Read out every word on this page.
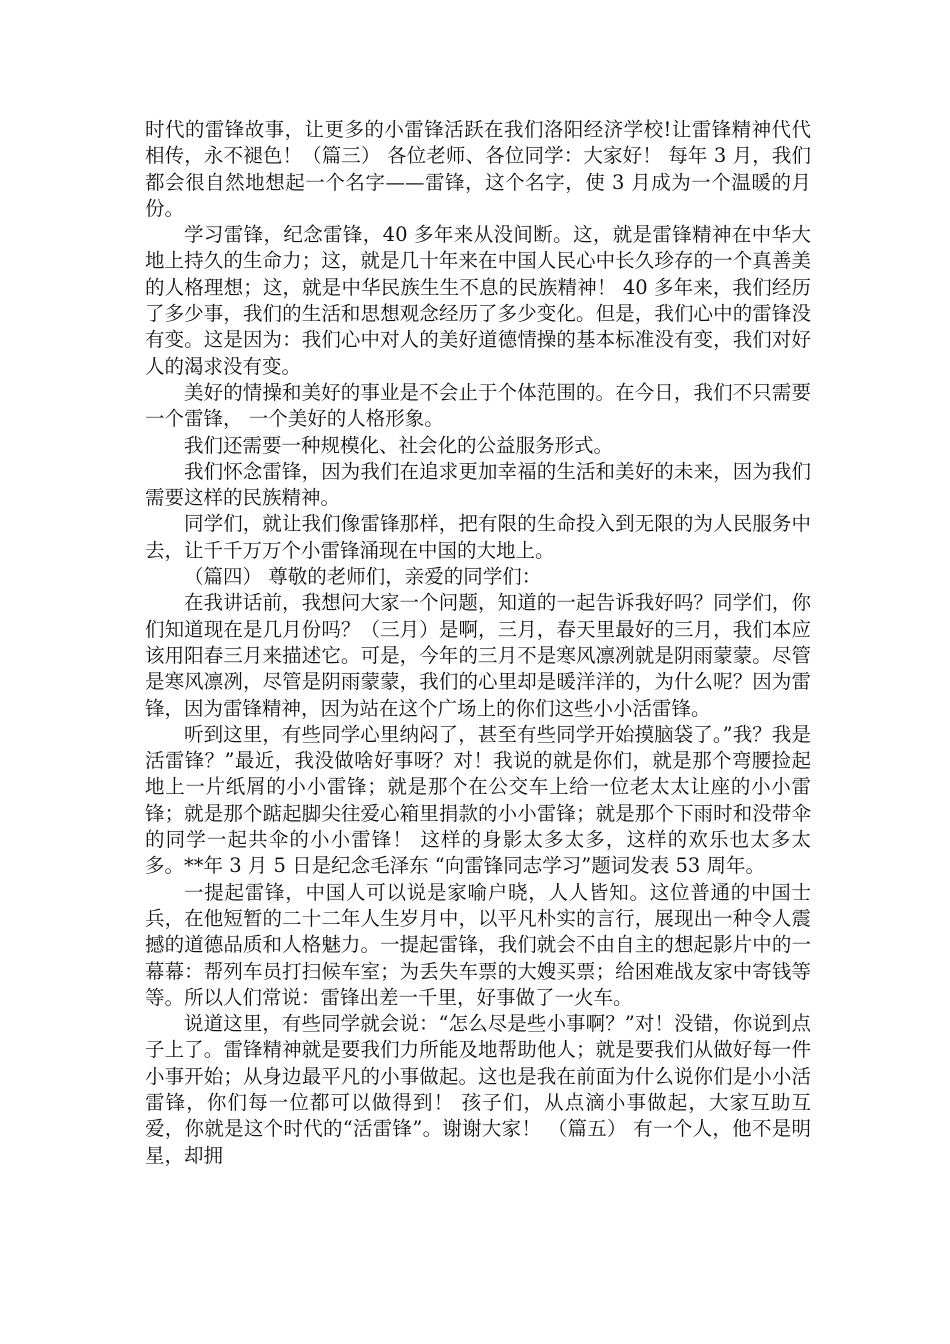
时代的雷锋故事，让更多的小雷锋活跃在我们洛阳经济学校!让雷锋精神代代相传，永不褪色！（篇三） 各位老师、各位同学：大家好！ 每年 3 月，我们都会很自然地想起一个名字——雷锋，这个名字，使 3 月成为一个温暖的月份。

学习雷锋，纪念雷锋，40 多年来从没间断。这，就是雷锋精神在中华大地上持久的生命力；这，就是几十年来在中国人民心中长久珍存的一个真善美的人格理想；这，就是中华民族生生不息的民族精神！ 40 多年来，我们经历了多少事，我们的生活和思想观念经历了多少变化。但是，我们心中的雷锋没有变。这是因为：我们心中对人的美好道德情操的基本标准没有变，我们对好人的渴求没有变。

美好的情操和美好的事业是不会止于个体范围的。在今日，我们不只需要一个雷锋， 一个美好的人格形象。

我们还需要一种规模化、社会化的公益服务形式。

我们怀念雷锋，因为我们在追求更加幸福的生活和美好的未来，因为我们需要这样的民族精神。

同学们，就让我们像雷锋那样，把有限的生命投入到无限的为人民服务中去，让千千万万个小雷锋涌现在中国的大地上。

（篇四） 尊敬的老师们，亲爱的同学们：

在我讲话前，我想问大家一个问题，知道的一起告诉我好吗？同学们，你们知道现在是几月份吗？（三月）是啊，三月，春天里最好的三月，我们本应该用阳春三月来描述它。可是，今年的三月不是寒风凛冽就是阴雨蒙蒙。尽管是寒风凛冽，尽管是阴雨蒙蒙，我们的心里却是暖洋洋的，为什么呢？因为雷锋，因为雷锋精神，因为站在这个广场上的你们这些小小活雷锋。

听到这里，有些同学心里纳闷了，甚至有些同学开始摸脑袋了。”我？我是活雷锋？”最近，我没做啥好事呀？对！我说的就是你们，就是那个弯腰捡起地上一片纸屑的小小雷锋；就是那个在公交车上给一位老太太让座的小小雷锋；就是那个踮起脚尖往爱心箱里捐款的小小雷锋；就是那个下雨时和没带伞的同学一起共伞的小小雷锋！ 这样的身影太多太多，这样的欢乐也太多太多。**年 3 月 5 日是纪念毛泽东 “向雷锋同志学习”题词发表 53 周年。

一提起雷锋，中国人可以说是家喻户晓，人人皆知。这位普通的中国士兵，在他短暂的二十二年人生岁月中，以平凡朴实的言行，展现出一种令人震撼的道德品质和人格魅力。一提起雷锋，我们就会不由自主的想起影片中的一幕幕：帮列车员打扫候车室；为丢失车票的大嫂买票；给困难战友家中寄钱等等。所以人们常说：雷锋出差一千里，好事做了一火车。

说道这里，有些同学就会说：“怎么尽是些小事啊？”对！没错，你说到点子上了。雷锋精神就是要我们力所能及地帮助他人；就是要我们从做好每一件小事开始；从身边最平凡的小事做起。这也是我在前面为什么说你们是小小活雷锋，你们每一位都可以做得到！ 孩子们，从点滴小事做起，大家互助互爱，你就是这个时代的“活雷锋”。谢谢大家！ （篇五） 有一个人，他不是明星，却拥
